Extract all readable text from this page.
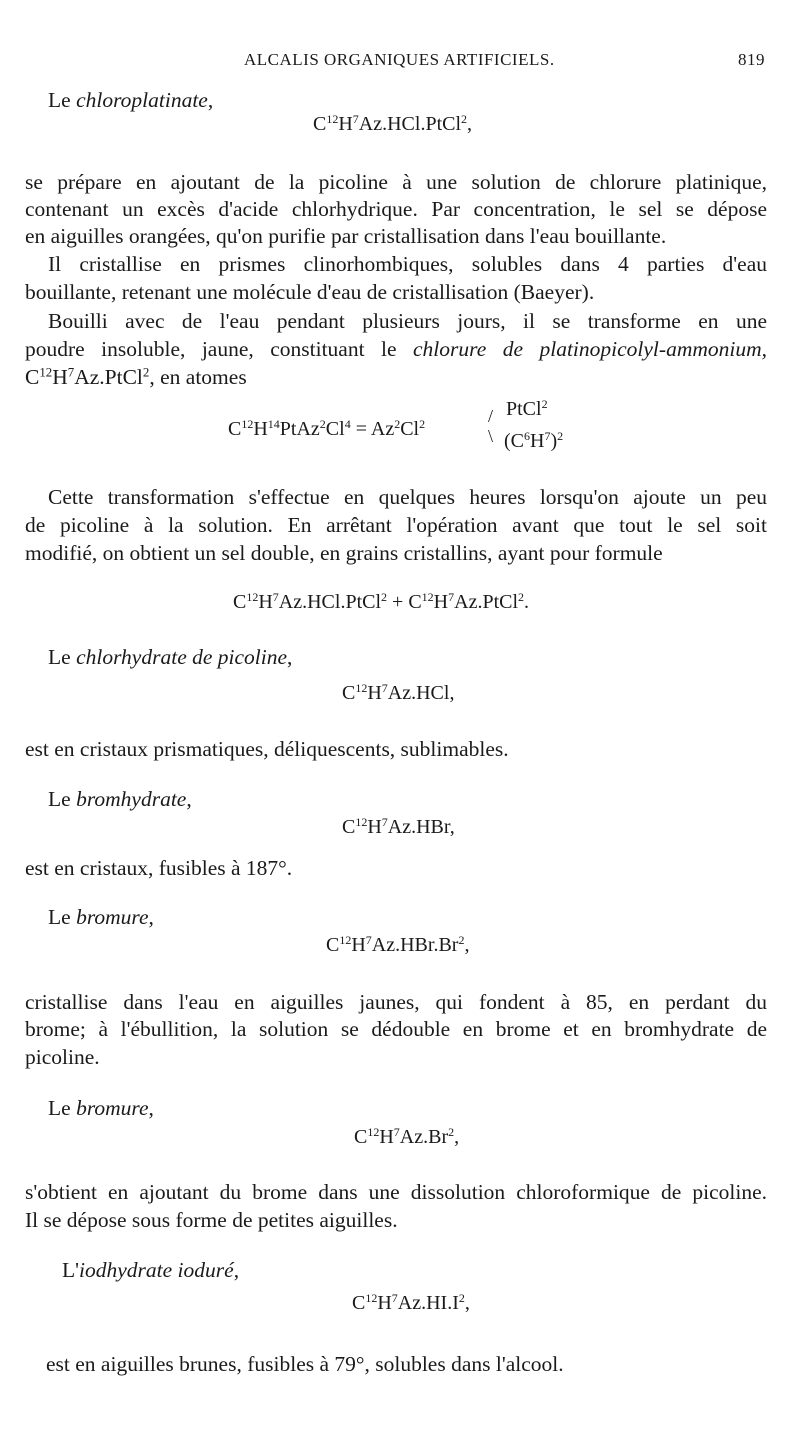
ALCALIS ORGANIQUES ARTIFICIELS.	819
Le chloroplatinate,
$C^{12}H^7Az.HCl.PtCl^2$,
se prépare en ajoutant de la picoline à une solution de chlorure platinique,
contenant un excès d'acide chlorhydrique. Par concentration, le sel se dépose
en aiguilles orangées, qu'on purifie par cristallisation dans l'eau bouillante.
Il cristallise en prismes clinorhombiques, solubles dans 4 parties d'eau
bouillante, retenant une molécule d'eau de cristallisation (Baeyer).
Bouilli avec de l'eau pendant plusieurs jours, il se transforme en une
poudre insoluble, jaune, constituant le chlorure de platinopicolyl-ammonium,
$C^{12}H^7Az.PtCl^2$, en atomes
$C^{12}H^{14}PtAz^2Cl^4 = Az^2Cl^2$	/
\
PtCl$^2$
$(C^6H^7)^2$
Cette transformation s'effectue en quelques heures lorsqu'on ajoute un peu
de picoline à la solution. En arrêtant l'opération avant que tout le sel soit
modifié, on obtient un sel double, en grains cristallins, ayant pour formule
$C^{12}H^7Az.HCl.PtCl^2$ + $C^{12}H^7Az.PtCl^2$.
Le chlorhydrate de picoline,
$C^{12}H^7Az.HCl$,
est en cristaux prismatiques, déliquescents, sublimables.
Le bromhydrate,
$C^{12}H^7Az.HBr$,
est en cristaux, fusibles à 187°.
Le bromure,
$C^{12}H^7Az.HBr.Br^2$,
cristallise dans l'eau en aiguilles jaunes, qui fondent à 85, en perdant du
brome; à l'ébullition, la solution se dédouble en brome et en bromhydrate de
picoline.
Le bromure,
$C^{12}H^7Az.Br^2$,
s'obtient en ajoutant du brome dans une dissolution chloroformique de picoline.
Il se dépose sous forme de petites aiguilles.
L'iodhydrate ioduré,
$C^{12}H^7Az.HI.I^2$,
est en aiguilles brunes, fusibles à 79°, solubles dans l'alcool.
